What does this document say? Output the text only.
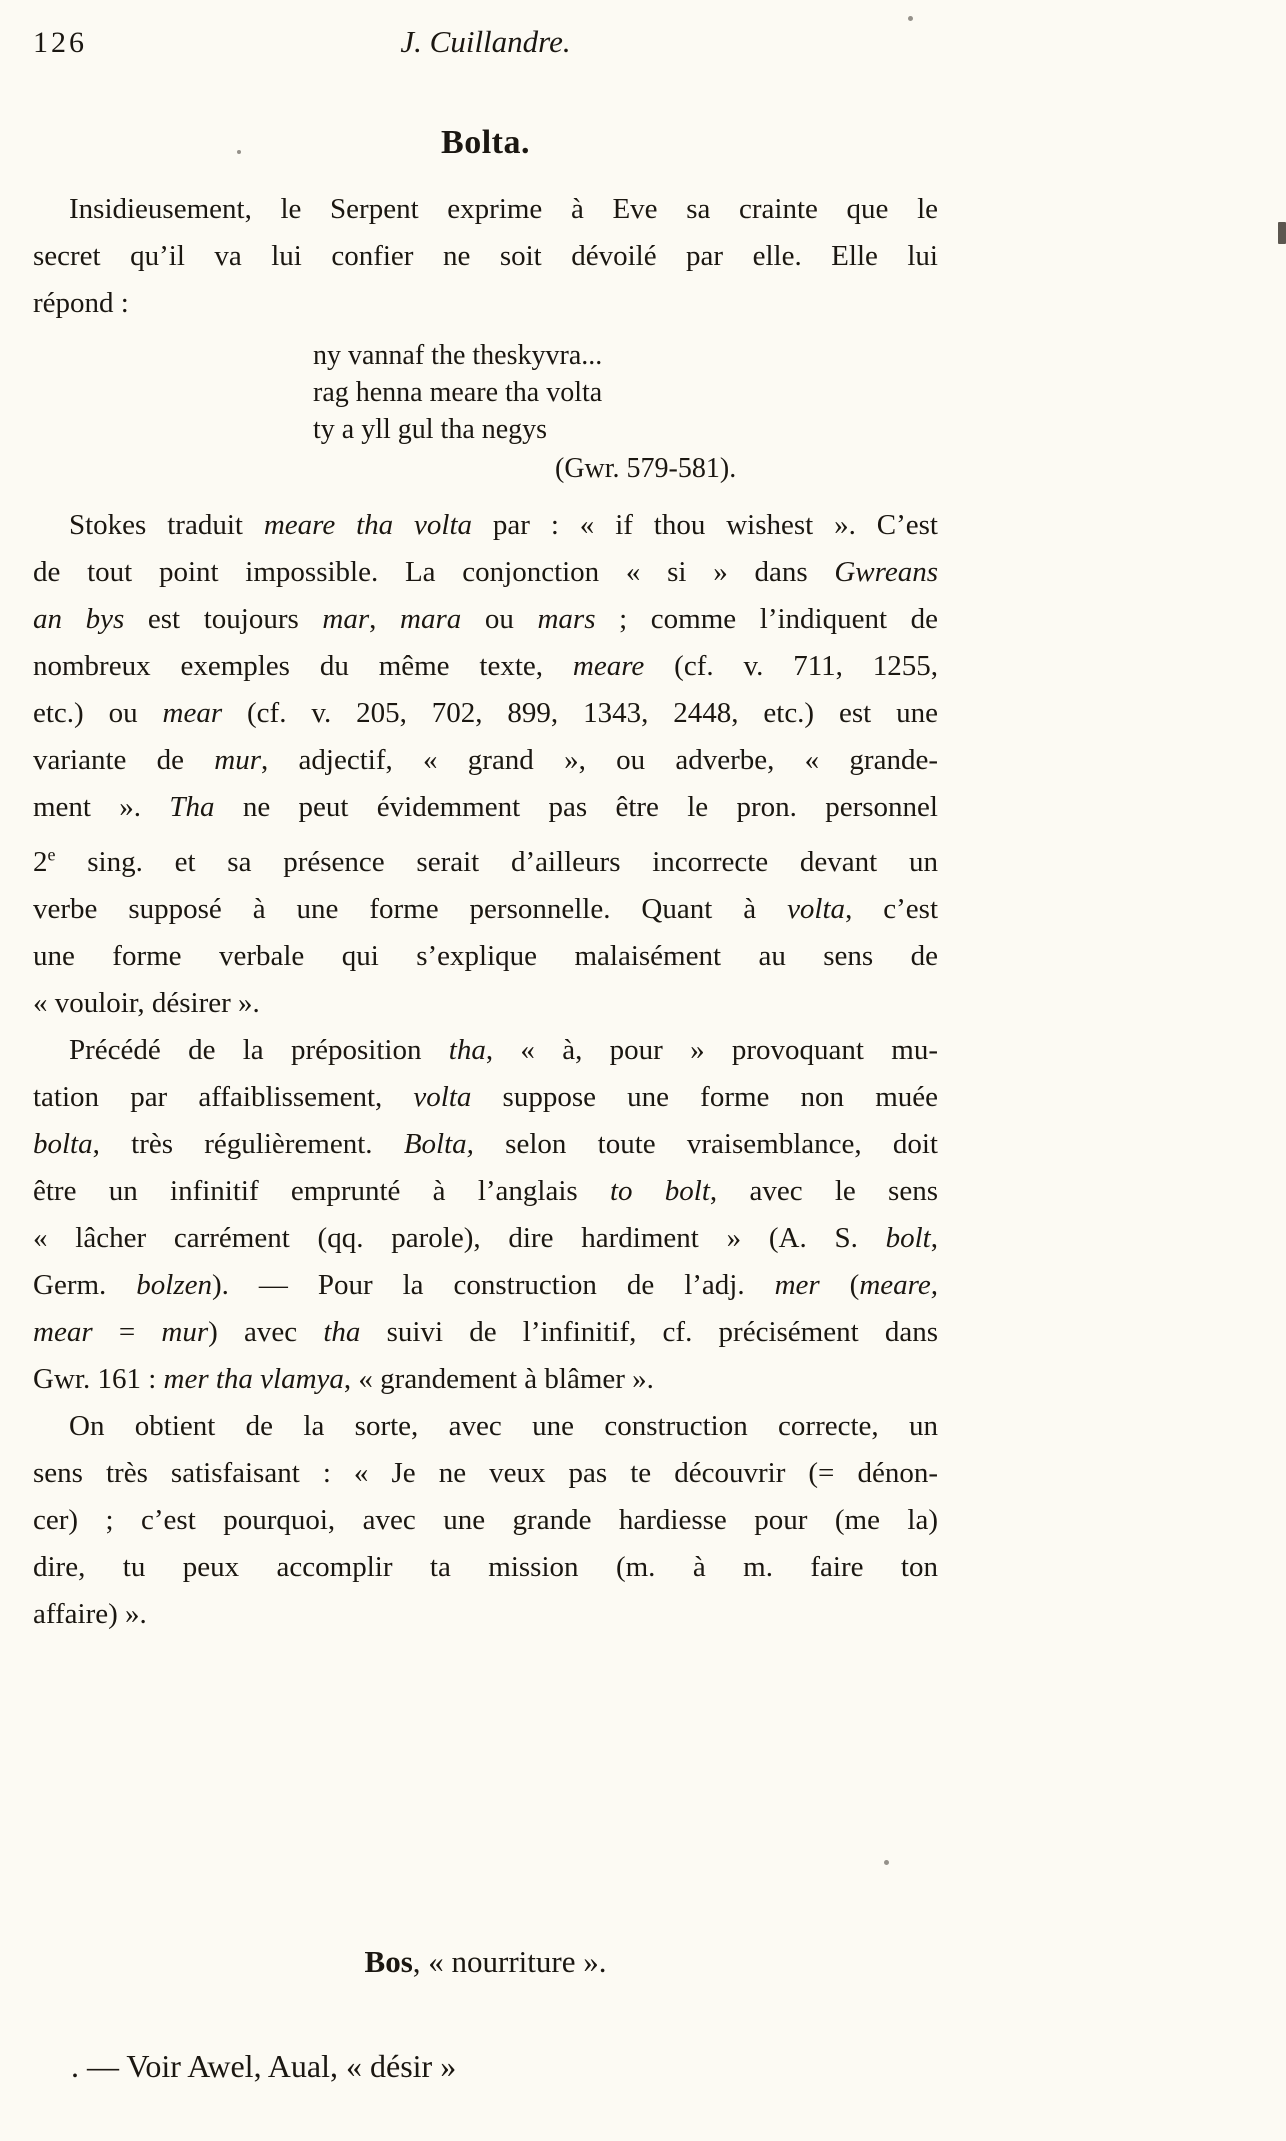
126	J. Cuillandre.
Bolta.
Insidieusement, le Serpent exprime à Eve sa crainte que le
secret qu’il va lui confier ne soit dévoilé par elle. Elle lui
répond :
ny vannaf the theskyvra...
rag henna meare tha volta
ty a yll gul tha negys
(Gwr. 579-581).
Stokes traduit meare tha volta par : « if thou wishest ». C’est
de tout point impossible. La conjonction « si » dans Gwreans
an bys est toujours mar, mara ou mars ; comme l’indiquent de
nombreux exemples du même texte, meare (cf. v. 711, 1255,
etc.) ou mear (cf. v. 205, 702, 899, 1343, 2448, etc.) est une
variante de mur, adjectif, « grand », ou adverbe, « grande-
ment ». Tha ne peut évidemment pas être le pron. personnel
2e sing. et sa présence serait d’ailleurs incorrecte devant un
verbe supposé à une forme personnelle. Quant à volta, c’est
une forme verbale qui s’explique malaisément au sens de
« vouloir, désirer ».
Précédé de la préposition tha, « à, pour » provoquant mu-
tation par affaiblissement, volta suppose une forme non muée
bolta, très régulièrement. Bolta, selon toute vraisemblance, doit
être un infinitif emprunté à l’anglais to bolt, avec le sens
« lâcher carrément (qq. parole), dire hardiment » (A. S. bolt,
Germ. bolzen). — Pour la construction de l’adj. mer (meare,
mear = mur) avec tha suivi de l’infinitif, cf. précisément dans
Gwr. 161 : mer tha vlamya, « grandement à blâmer ».
On obtient de la sorte, avec une construction correcte, un
sens très satisfaisant : « Je ne veux pas te découvrir (= dénon-
cer) ; c’est pourquoi, avec une grande hardiesse pour (me la)
dire, tu peux accomplir ta mission (m. à m. faire ton
affaire) ».
Bos, « nourriture ».
. — Voir Awel, Aual, « désir »
